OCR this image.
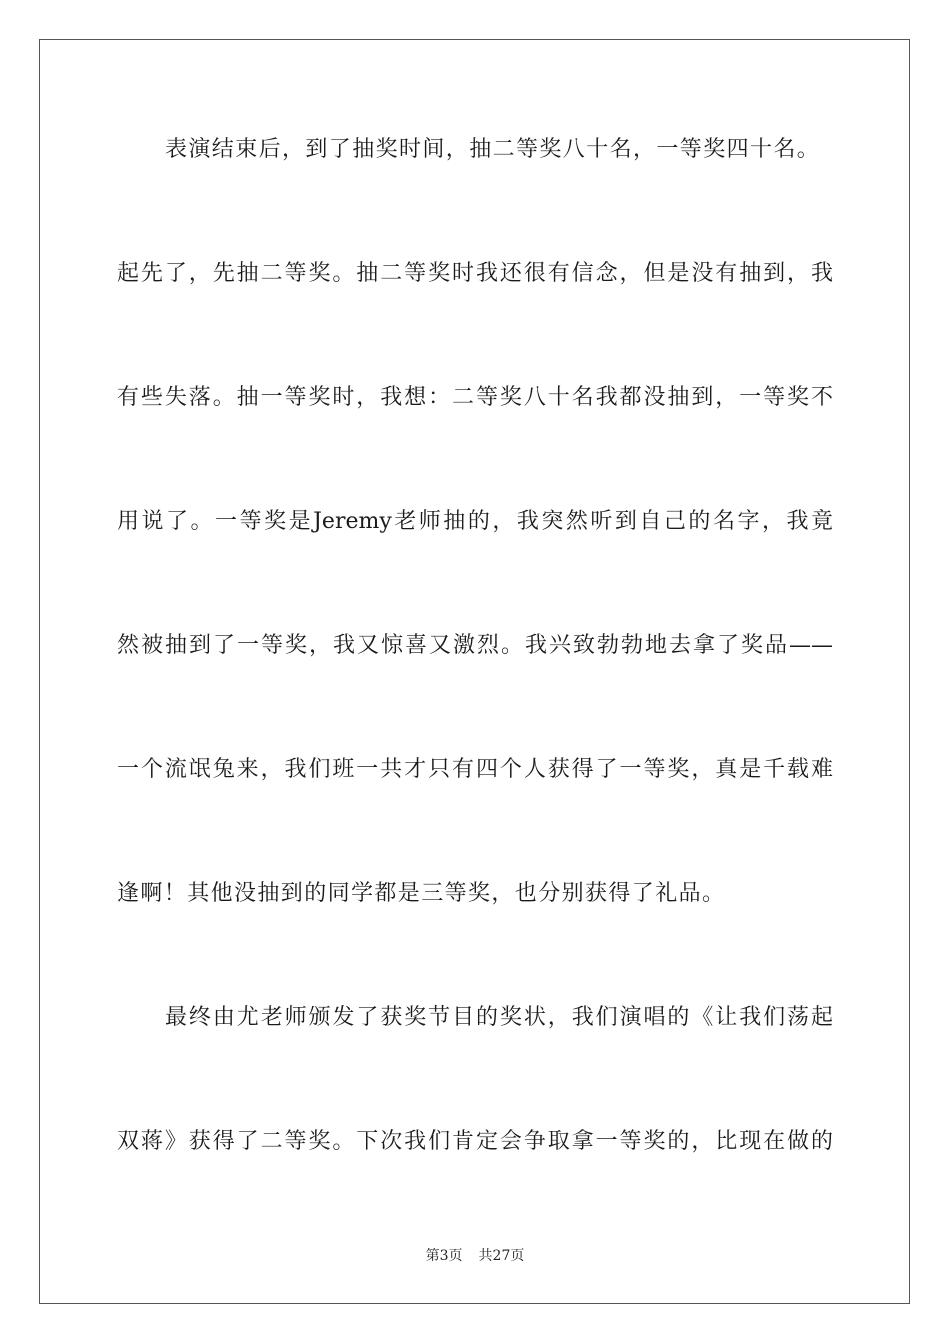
表演结束后，到了抽奖时间，抽二等奖八十名，一等奖四十名。
起先了，先抽二等奖。抽二等奖时我还很有信念，但是没有抽到，我
有些失落。抽一等奖时，我想：二等奖八十名我都没抽到，一等奖不
用说了。一等奖是Jeremy老师抽的，我突然听到自己的名字，我竟
然被抽到了一等奖，我又惊喜又激烈。我兴致勃勃地去拿了奖品——
一个流氓兔来，我们班一共才只有四个人获得了一等奖，真是千载难
逢啊！其他没抽到的同学都是三等奖，也分别获得了礼品。
最终由尤老师颁发了获奖节目的奖状，我们演唱的《让我们荡起
双蒋》获得了二等奖。下次我们肯定会争取拿一等奖的，比现在做的
第3页 共27页
